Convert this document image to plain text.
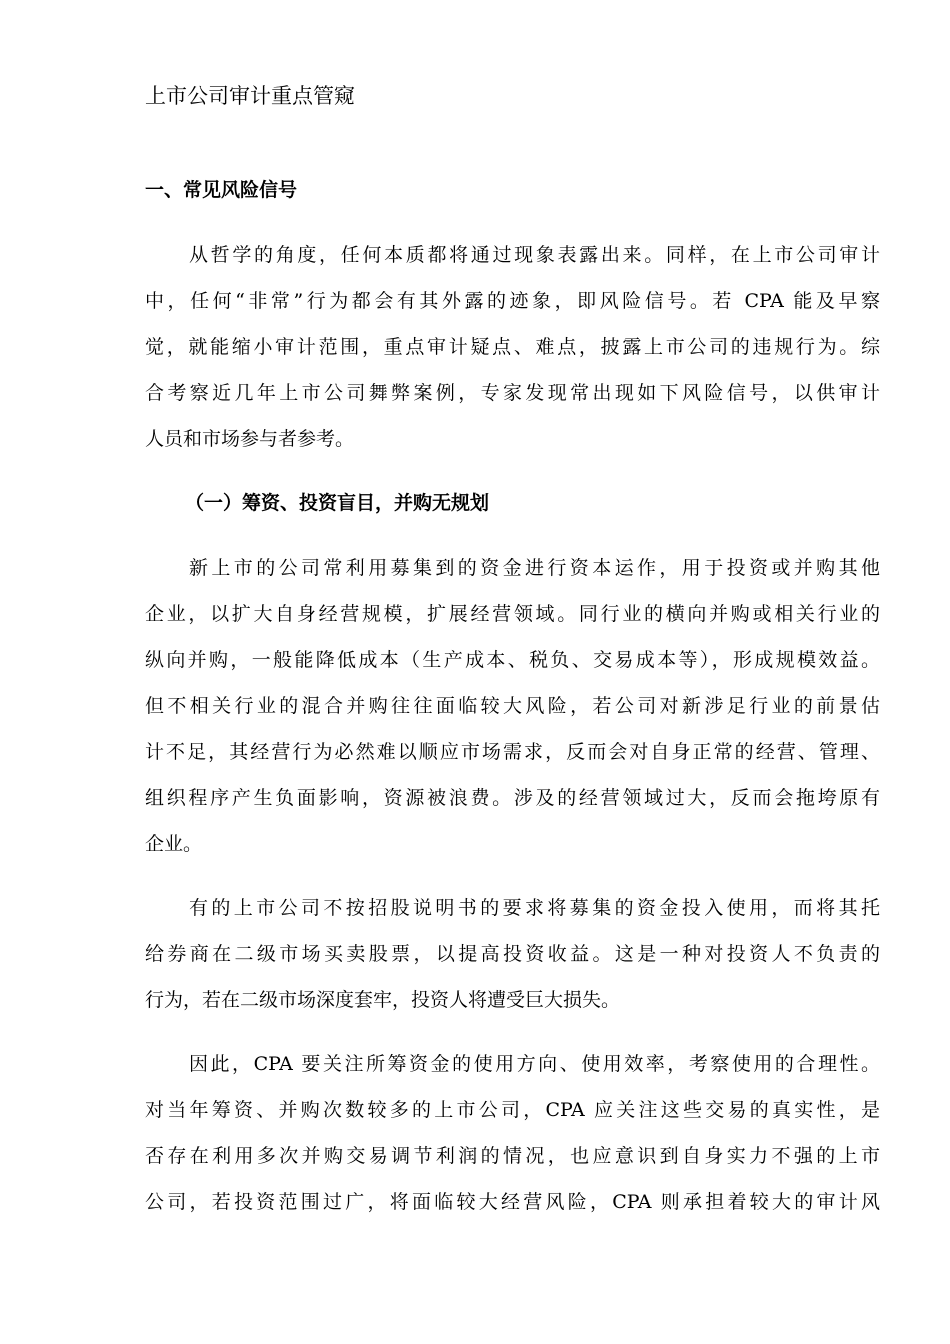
上市公司审计重点管窥
一、常见风险信号
从哲学的角度，任何本质都将通过现象表露出来。同样，在上市公司审计
中，任何“非常”行为都会有其外露的迹象，即风险信号。若 CPA 能及早察
觉，就能缩小审计范围，重点审计疑点、难点，披露上市公司的违规行为。综
合考察近几年上市公司舞弊案例，专家发现常出现如下风险信号，以供审计
人员和市场参与者参考。
（一）筹资、投资盲目，并购无规划
新上市的公司常利用募集到的资金进行资本运作，用于投资或并购其他
企业，以扩大自身经营规模，扩展经营领域。同行业的横向并购或相关行业的
纵向并购，一般能降低成本（生产成本、税负、交易成本等），形成规模效益。
但不相关行业的混合并购往往面临较大风险，若公司对新涉足行业的前景估
计不足，其经营行为必然难以顺应市场需求，反而会对自身正常的经营、管理、
组织程序产生负面影响，资源被浪费。涉及的经营领域过大，反而会拖垮原有
企业。
有的上市公司不按招股说明书的要求将募集的资金投入使用，而将其托
给券商在二级市场买卖股票，以提高投资收益。这是一种对投资人不负责的
行为，若在二级市场深度套牢，投资人将遭受巨大损失。
因此，CPA 要关注所筹资金的使用方向、使用效率，考察使用的合理性。
对当年筹资、并购次数较多的上市公司，CPA 应关注这些交易的真实性，是
否存在利用多次并购交易调节利润的情况，也应意识到自身实力不强的上市
公司，若投资范围过广，将面临较大经营风险，CPA 则承担着较大的审计风
